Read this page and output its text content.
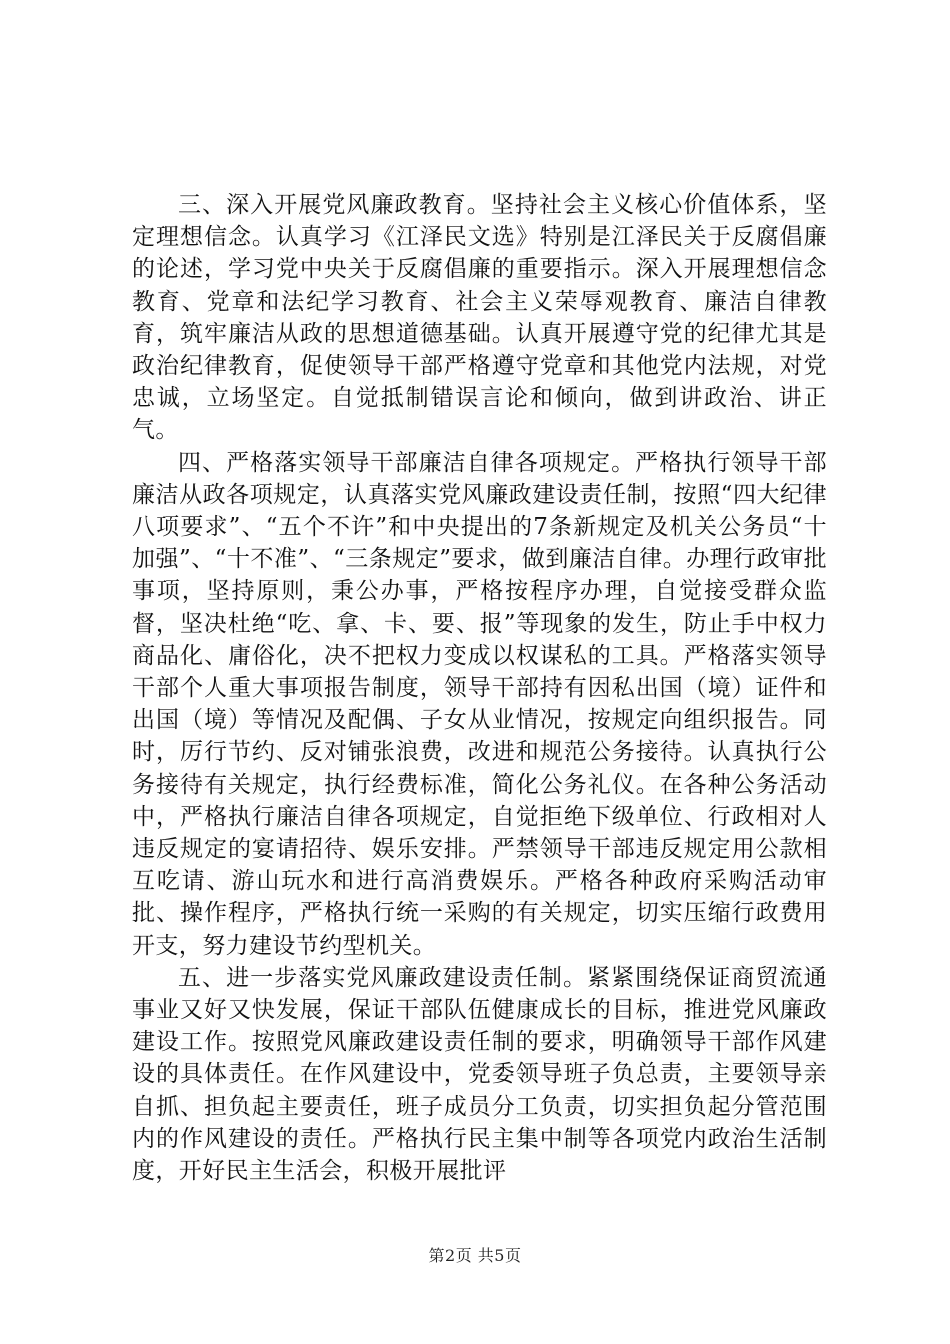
三、深入开展党风廉政教育。坚持社会主义核心价值体系，坚定理想信念。认真学习《江泽民文选》特别是江泽民关于反腐倡廉的论述，学习党中央关于反腐倡廉的重要指示。深入开展理想信念教育、党章和法纪学习教育、社会主义荣辱观教育、廉洁自律教育，筑牢廉洁从政的思想道德基础。认真开展遵守党的纪律尤其是政治纪律教育，促使领导干部严格遵守党章和其他党内法规，对党忠诚，立场坚定。自觉抵制错误言论和倾向，做到讲政治、讲正气。

四、严格落实领导干部廉洁自律各项规定。严格执行领导干部廉洁从政各项规定，认真落实党风廉政建设责任制，按照“四大纪律八项要求”、“五个不许”和中央提出的7条新规定及机关公务员“十加强”、“十不准”、“三条规定”要求，做到廉洁自律。办理行政审批事项，坚持原则，秉公办事，严格按程序办理，自觉接受群众监督，坚决杜绝“吃、拿、卡、要、报”等现象的发生，防止手中权力商品化、庸俗化，决不把权力变成以权谋私的工具。严格落实领导干部个人重大事项报告制度，领导干部持有因私出国（境）证件和出国（境）等情况及配偶、子女从业情况，按规定向组织报告。同时，厉行节约、反对铺张浪费，改进和规范公务接待。认真执行公务接待有关规定，执行经费标准，简化公务礼仪。在各种公务活动中，严格执行廉洁自律各项规定，自觉拒绝下级单位、行政相对人违反规定的宴请招待、娱乐安排。严禁领导干部违反规定用公款相互吃请、游山玩水和进行高消费娱乐。严格各种政府采购活动审批、操作程序，严格执行统一采购的有关规定，切实压缩行政费用开支，努力建设节约型机关。

五、进一步落实党风廉政建设责任制。紧紧围绕保证商贸流通事业又好又快发展，保证干部队伍健康成长的目标，推进党风廉政建设工作。按照党风廉政建设责任制的要求，明确领导干部作风建设的具体责任。在作风建设中，党委领导班子负总责，主要领导亲自抓、担负起主要责任，班子成员分工负责，切实担负起分管范围内的作风建设的责任。严格执行民主集中制等各项党内政治生活制度，开好民主生活会，积极开展批评

第2页 共5页
